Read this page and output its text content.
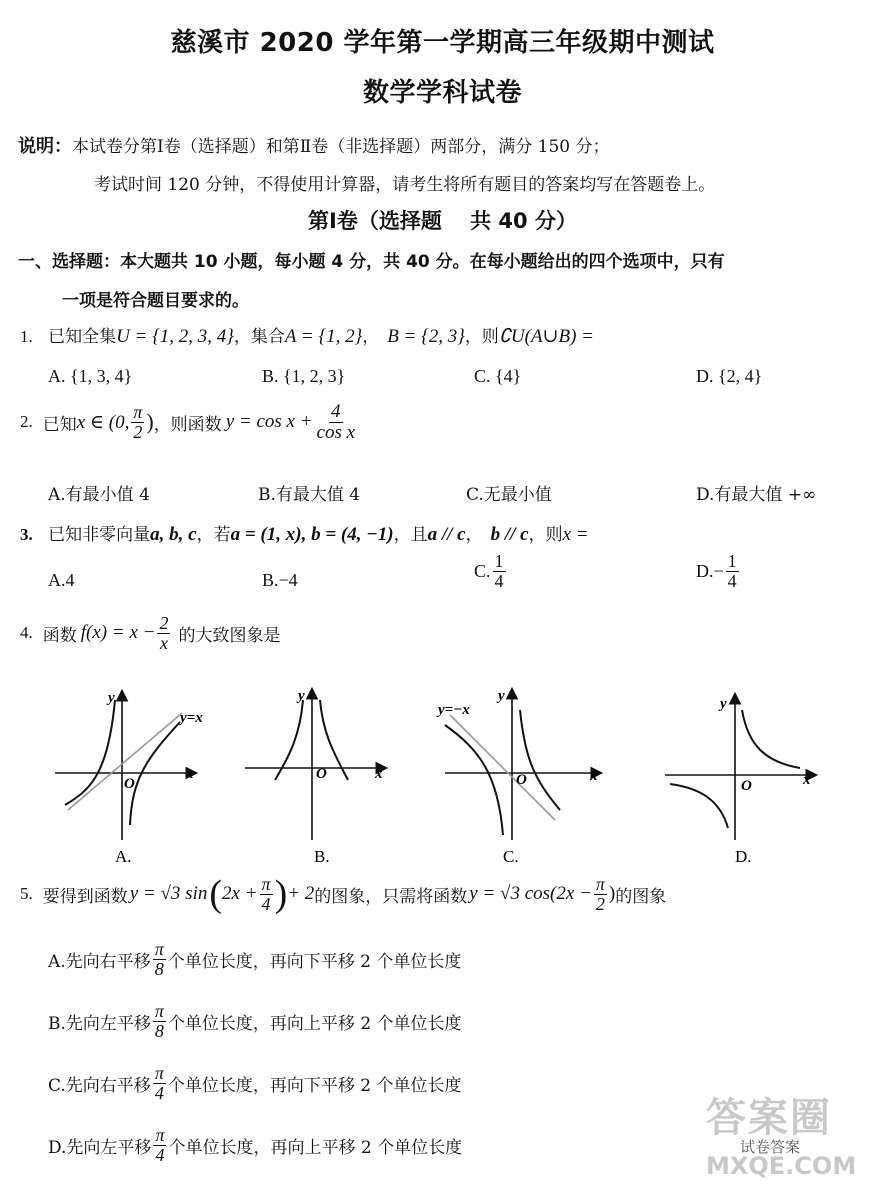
慈溪市 2020 学年第一学期高三年级期中测试
数学学科试卷
说明：本试卷分第Ⅰ卷（选择题）和第Ⅱ卷（非选择题）两部分，满分 150 分；
考试时间 120 分钟，不得使用计算器，请考生将所有题目的答案均写在答题卷上。
第Ⅰ卷（选择题　 共 40 分）
一、选择题：本大题共 10 小题，每小题 4 分，共 40 分。在每小题给出的四个选项中，只有
一项是符合题目要求的。
1. 已知全集U = {1, 2, 3, 4}，集合A = {1, 2}， B = {2, 3}，则∁U(A∪B) =
A. {1, 3, 4}	B. {1, 2, 3}	C. {4}	D. {2, 4}
2. 已知 x ∈ (0, $\frac{\pi}{2}$ ) ，则函数 $y = \cos x + \frac{4}{\text{cos x}}$
A.有最小值 4	B.有最大值 4	C.无最小值	D.有最大值 +∞
3. 已知非零向量a, b, c，若a = (1, x), b = (4, −1)，且a // c， b // c，则x =
A.4	B.−4	C. $\frac{1}{4}$	D. − $\frac{1}{4}$
4. 函数 $f(x) = x - \frac{2}{x}$ 的大致图象是
y
x
O
y=x
A.
y
x
O
B.
y
x
O
y=−x
C.
y
x
O
D.
5. 要得到函数 y = √3 sin ( $2x + \frac{\pi}{4}$ ) + 2 的图象，只需将函数 y = √3 $\cos(2x - \frac{\pi}{2}$ ) 的图象
A.先向右平移 $\frac{\pi}{8}$ 个单位长度，再向下平移 2 个单位长度
B.先向左平移 $\frac{\pi}{8}$ 个单位长度，再向上平移 2 个单位长度
C.先向右平移 $\frac{\pi}{4}$ 个单位长度，再向下平移 2 个单位长度
D.先向左平移 $\frac{\pi}{4}$ 个单位长度，再向上平移 2 个单位长度
答案圈
试卷答案
MXQE.COM
